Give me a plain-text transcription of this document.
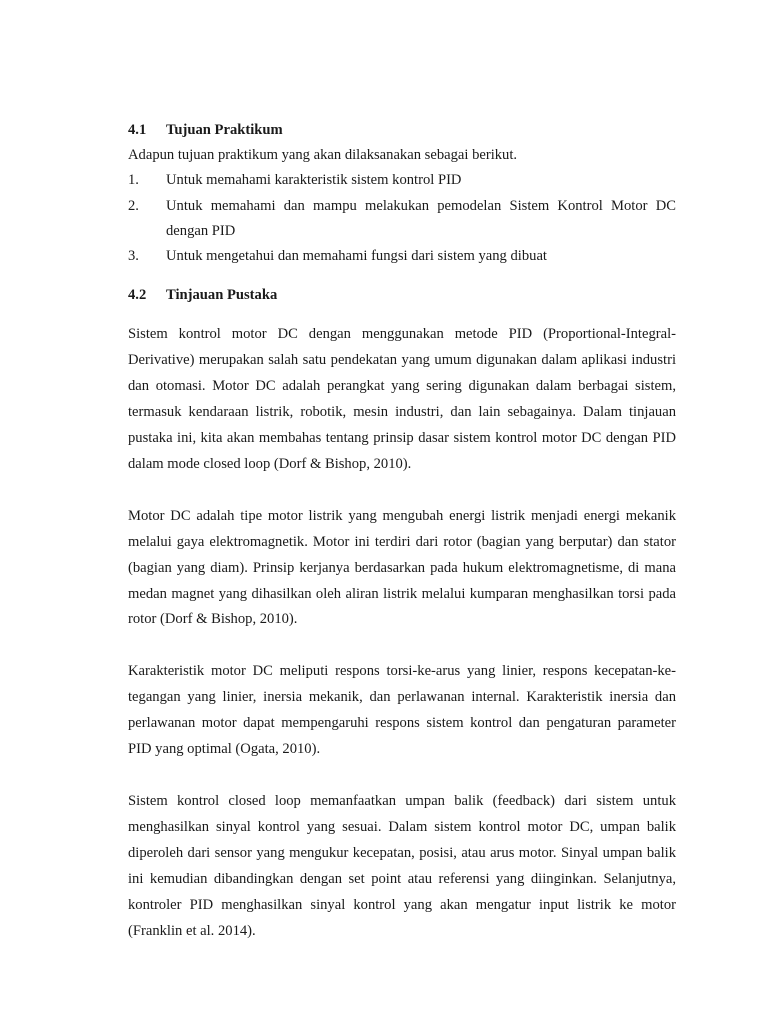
4.1	Tujuan Praktikum
Adapun tujuan praktikum yang akan dilaksanakan sebagai berikut.
1.	Untuk memahami karakteristik sistem kontrol PID
2.	Untuk memahami dan mampu melakukan pemodelan Sistem Kontrol Motor DC dengan PID
3.	Untuk mengetahui dan memahami fungsi dari sistem yang dibuat
4.2	Tinjauan Pustaka
Sistem kontrol motor DC dengan menggunakan metode PID (Proportional-Integral-Derivative) merupakan salah satu pendekatan yang umum digunakan dalam aplikasi industri dan otomasi. Motor DC adalah perangkat yang sering digunakan dalam berbagai sistem, termasuk kendaraan listrik, robotik, mesin industri, dan lain sebagainya. Dalam tinjauan pustaka ini, kita akan membahas tentang prinsip dasar sistem kontrol motor DC dengan PID dalam mode closed loop (Dorf & Bishop, 2010).
Motor DC adalah tipe motor listrik yang mengubah energi listrik menjadi energi mekanik melalui gaya elektromagnetik. Motor ini terdiri dari rotor (bagian yang berputar) dan stator (bagian yang diam). Prinsip kerjanya berdasarkan pada hukum elektromagnetisme, di mana medan magnet yang dihasilkan oleh aliran listrik melalui kumparan menghasilkan torsi pada rotor (Dorf & Bishop, 2010).
Karakteristik motor DC meliputi respons torsi-ke-arus yang linier, respons kecepatan-ke-tegangan yang linier, inersia mekanik, dan perlawanan internal. Karakteristik inersia dan perlawanan motor dapat mempengaruhi respons sistem kontrol dan pengaturan parameter PID yang optimal (Ogata, 2010).
Sistem kontrol closed loop memanfaatkan umpan balik (feedback) dari sistem untuk menghasilkan sinyal kontrol yang sesuai. Dalam sistem kontrol motor DC, umpan balik diperoleh dari sensor yang mengukur kecepatan, posisi, atau arus motor. Sinyal umpan balik ini kemudian dibandingkan dengan set point atau referensi yang diinginkan. Selanjutnya, kontroler PID menghasilkan sinyal kontrol yang akan mengatur input listrik ke motor (Franklin et al. 2014).
